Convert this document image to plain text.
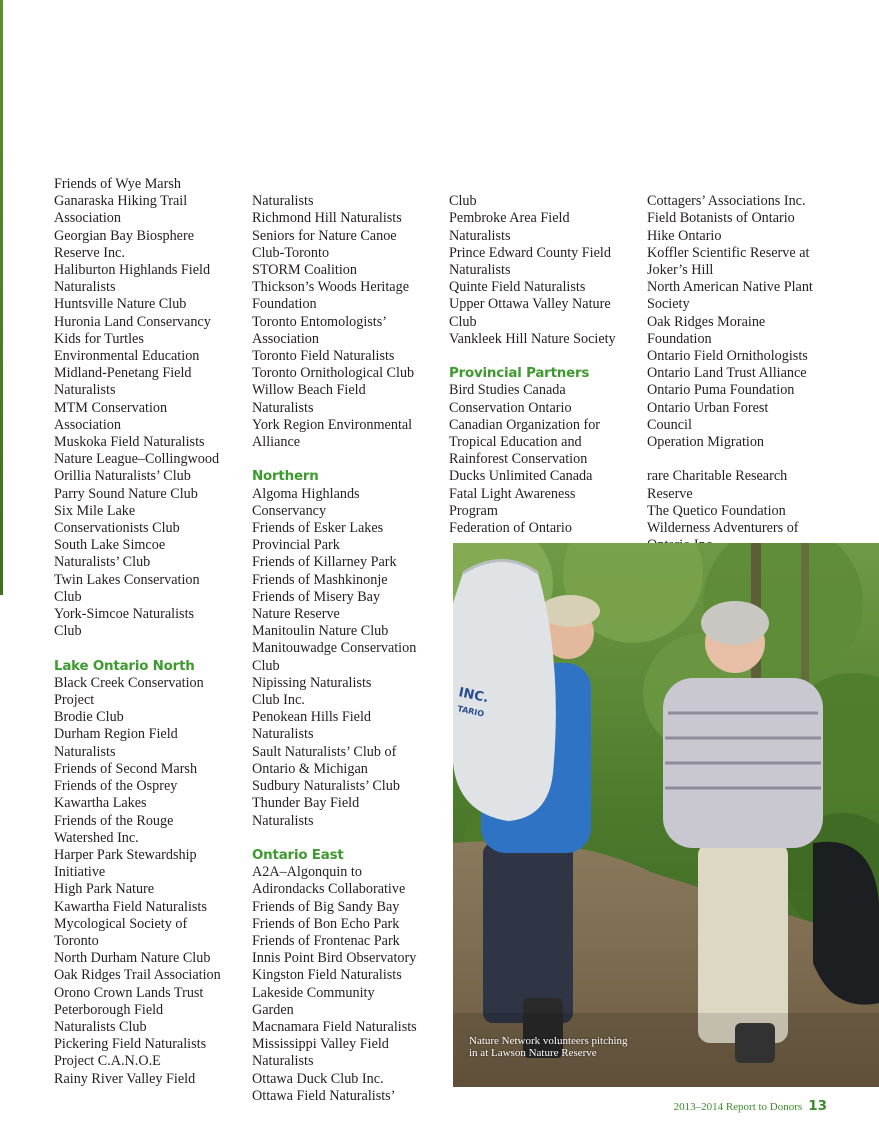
Friends of Wye Marsh
Ganaraska Hiking Trail
Association
Georgian Bay Biosphere
Reserve Inc.
Haliburton Highlands Field
Naturalists
Huntsville Nature Club
Huronia Land Conservancy
Kids for Turtles
Environmental Education
Midland-Penetang Field
Naturalists
MTM Conservation
Association
Muskoka Field Naturalists
Nature League–Collingwood
Orillia Naturalists’ Club
Parry Sound Nature Club
Six Mile Lake
Conservationists Club
South Lake Simcoe
Naturalists’ Club
Twin Lakes Conservation
Club
York-Simcoe Naturalists
Club
Lake Ontario North
Black Creek Conservation
Project
Brodie Club
Durham Region Field
Naturalists
Friends of Second Marsh
Friends of the Osprey
Kawartha Lakes
Friends of the Rouge
Watershed Inc.
Harper Park Stewardship
Initiative
High Park Nature
Kawartha Field Naturalists
Mycological Society of
Toronto
North Durham Nature Club
Oak Ridges Trail Association
Orono Crown Lands Trust
Peterborough Field
Naturalists Club
Pickering Field Naturalists
Project C.A.N.O.E
Rainy River Valley Field

Naturalists
Richmond Hill Naturalists
Seniors for Nature Canoe
Club-Toronto
STORM Coalition
Thickson’s Woods Heritage
Foundation
Toronto Entomologists’
Association
Toronto Field Naturalists
Toronto Ornithological Club
Willow Beach Field
Naturalists
York Region Environmental
Alliance
Northern
Algoma Highlands
Conservancy
Friends of Esker Lakes
Provincial Park
Friends of Killarney Park
Friends of Mashkinonje
Friends of Misery Bay
Nature Reserve
Manitoulin Nature Club
Manitouwadge Conservation
Club
Nipissing Naturalists
Club Inc.
Penokean Hills Field
Naturalists
Sault Naturalists’ Club of
Ontario & Michigan
Sudbury Naturalists’ Club
Thunder Bay Field
Naturalists
Ontario East
A2A–Algonquin to
Adirondacks Collaborative
Friends of Big Sandy Bay
Friends of Bon Echo Park
Friends of Frontenac Park
Innis Point Bird Observatory
Kingston Field Naturalists
Lakeside Community
Garden
Macnamara Field Naturalists
Mississippi Valley Field
Naturalists
Ottawa Duck Club Inc.
Ottawa Field Naturalists’

Club
Pembroke Area Field
Naturalists
Prince Edward County Field
Naturalists
Quinte Field Naturalists
Upper Ottawa Valley Nature
Club
Vankleek Hill Nature Society
Provincial Partners
Bird Studies Canada
Conservation Ontario
Canadian Organization for
Tropical Education and
Rainforest Conservation
Ducks Unlimited Canada
Fatal Light Awareness
Program
Federation of Ontario

Cottagers’ Associations Inc.
Field Botanists of Ontario
Hike Ontario
Koffler Scientific Reserve at
Joker’s Hill
North American Native Plant
Society
Oak Ridges Moraine
Foundation
Ontario Field Ornithologists
Ontario Land Trust Alliance
Ontario Puma Foundation
Ontario Urban Forest
Council
Operation Migration

rare Charitable Research
Reserve
The Quetico Foundation
Wilderness Adventurers of
INC.
TARIO
Nature Network volunteers pitching
in at Lawson Nature Reserve
2013–2014 Report to Donors 13
